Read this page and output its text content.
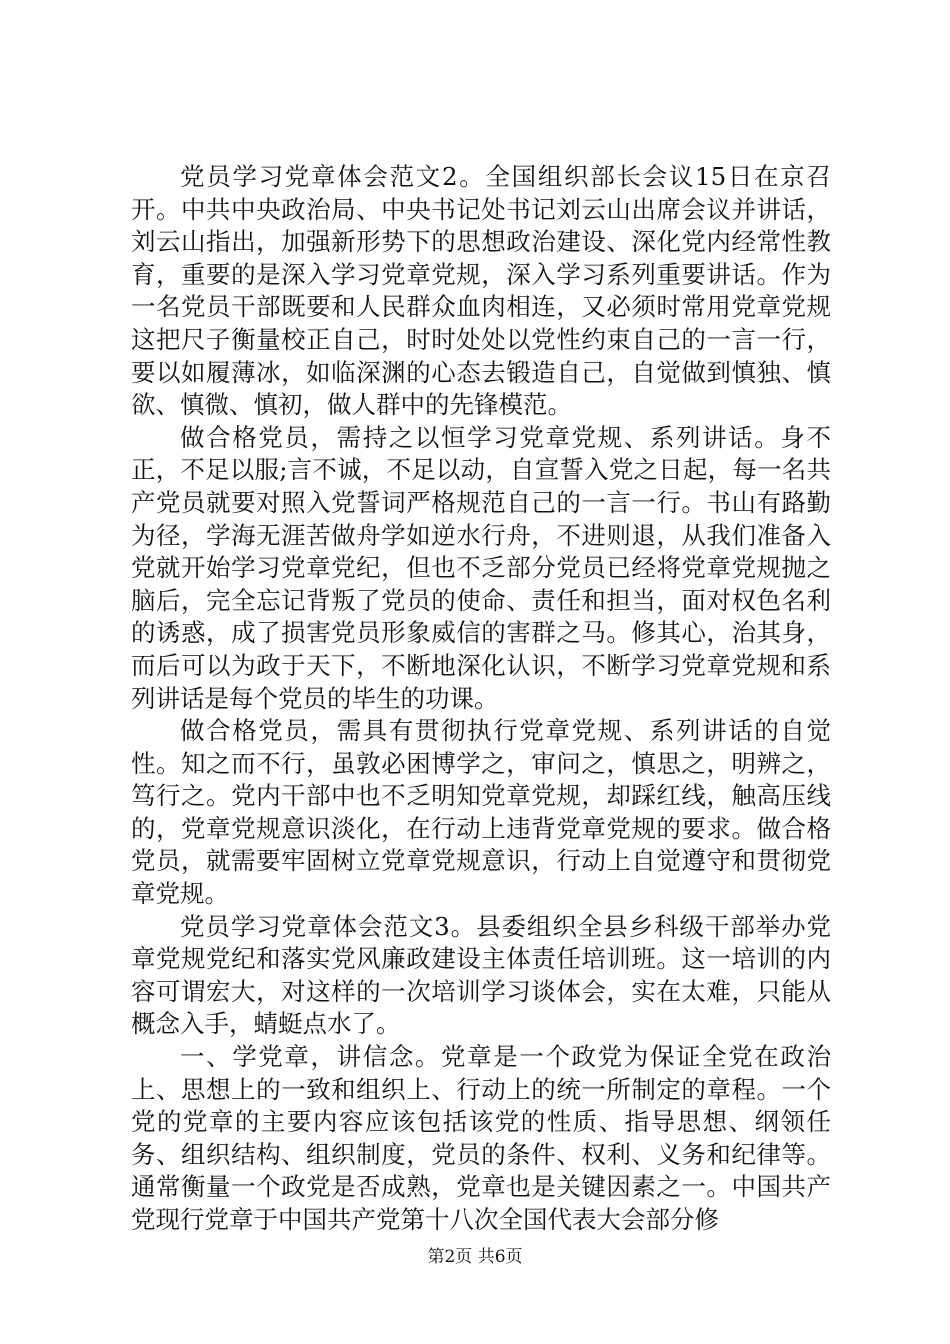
党员学习党章体会范文2。全国组织部长会议15日在京召开。中共中央政治局、中央书记处书记刘云山出席会议并讲话，刘云山指出，加强新形势下的思想政治建设、深化党内经常性教育，重要的是深入学习党章党规，深入学习系列重要讲话。作为一名党员干部既要和人民群众血肉相连，又必须时常用党章党规这把尺子衡量校正自己，时时处处以党性约束自己的一言一行，要以如履薄冰，如临深渊的心态去锻造自己，自觉做到慎独、慎欲、慎微、慎初，做人群中的先锋模范。

做合格党员，需持之以恒学习党章党规、系列讲话。身不正，不足以服;言不诚，不足以动，自宣誓入党之日起，每一名共产党员就要对照入党誓词严格规范自己的一言一行。书山有路勤为径，学海无涯苦做舟学如逆水行舟，不进则退，从我们准备入党就开始学习党章党纪，但也不乏部分党员已经将党章党规抛之脑后，完全忘记背叛了党员的使命、责任和担当，面对权色名利的诱惑，成了损害党员形象威信的害群之马。修其心，治其身，而后可以为政于天下，不断地深化认识，不断学习党章党规和系列讲话是每个党员的毕生的功课。

做合格党员，需具有贯彻执行党章党规、系列讲话的自觉性。知之而不行，虽敦必困博学之，审问之，慎思之，明辨之，笃行之。党内干部中也不乏明知党章党规，却踩红线，触高压线的，党章党规意识淡化，在行动上违背党章党规的要求。做合格党员，就需要牢固树立党章党规意识，行动上自觉遵守和贯彻党章党规。

党员学习党章体会范文3。县委组织全县乡科级干部举办党章党规党纪和落实党风廉政建设主体责任培训班。这一培训的内容可谓宏大，对这样的一次培训学习谈体会，实在太难，只能从概念入手，蜻蜓点水了。

一、学党章，讲信念。党章是一个政党为保证全党在政治上、思想上的一致和组织上、行动上的统一所制定的章程。一个党的党章的主要内容应该包括该党的性质、指导思想、纲领任务、组织结构、组织制度，党员的条件、权利、义务和纪律等。通常衡量一个政党是否成熟，党章也是关键因素之一。中国共产党现行党章于中国共产党第十八次全国代表大会部分修

第2页 共6页
